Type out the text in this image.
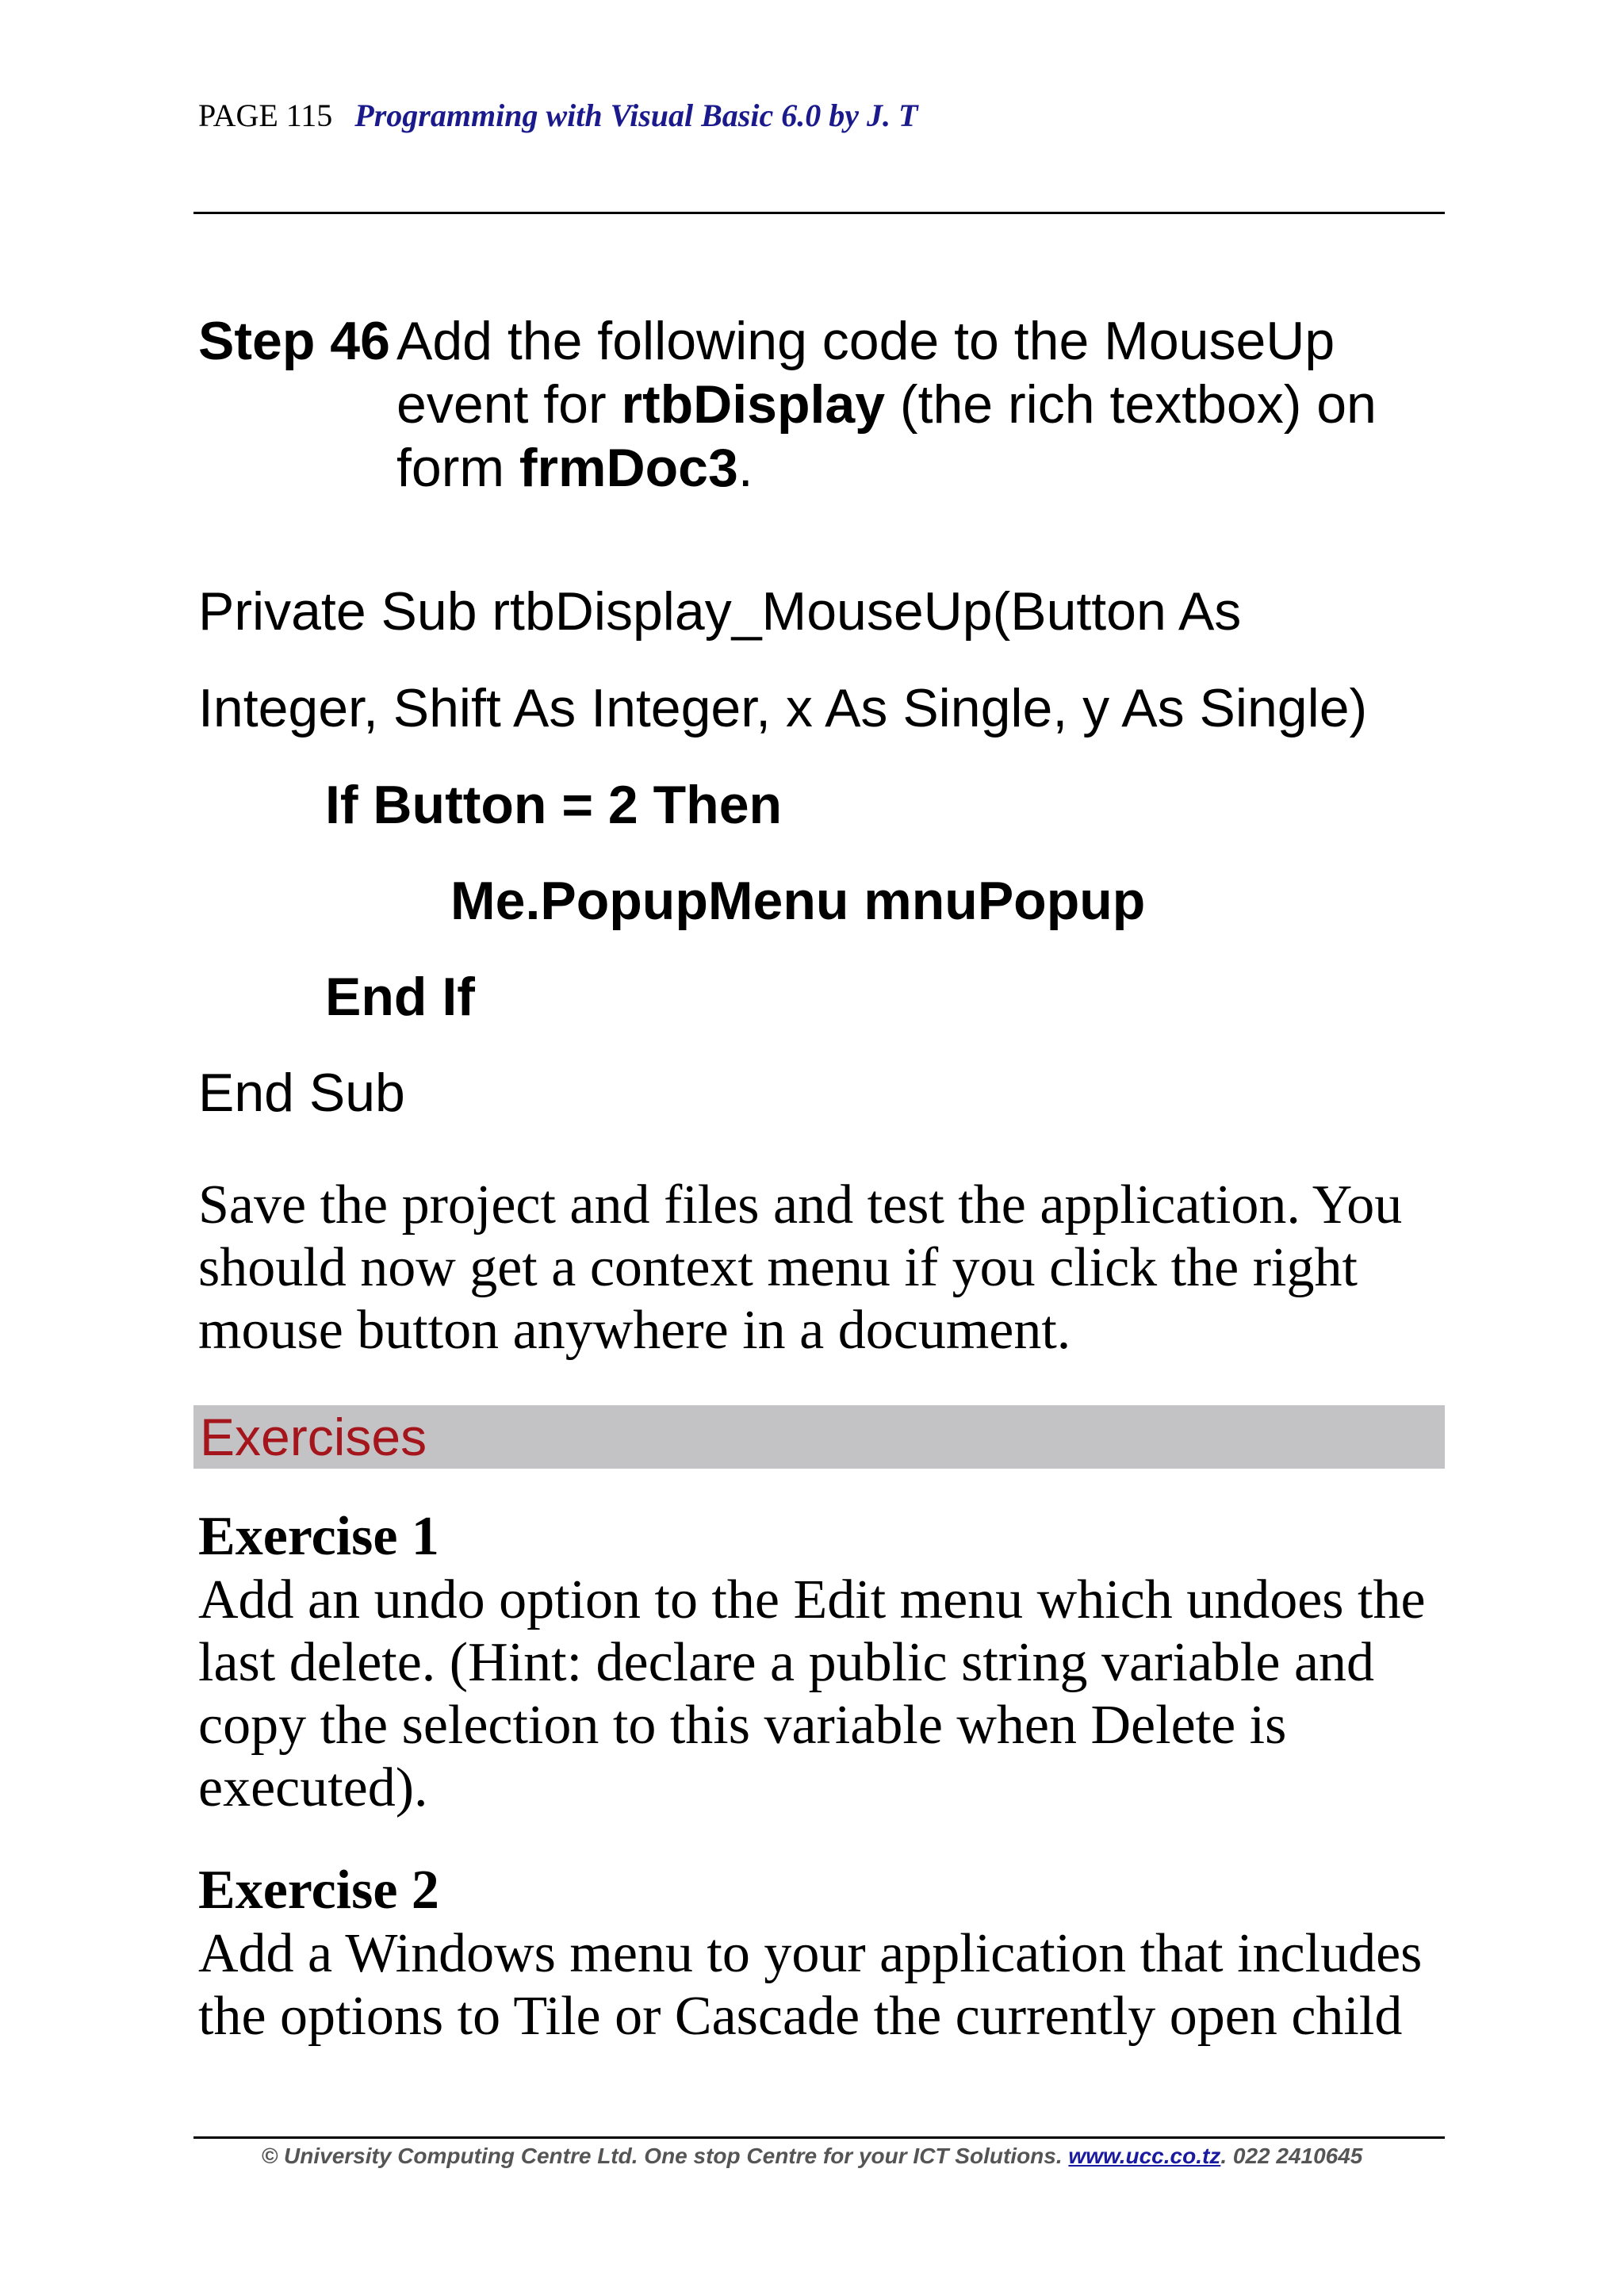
PAGE 115 Programming with Visual Basic 6.0 by J. T
Step 46 Add the following code to the MouseUp
event for rtbDisplay (the rich textbox) on
form frmDoc3.
Private Sub rtbDisplay_MouseUp(Button As
Integer, Shift As Integer, x As Single, y As Single)
If Button = 2 Then
Me.PopupMenu mnuPopup
End If
End Sub
Save the project and files and test the application. You should now get a context menu if you click the right mouse button anywhere in a document.
Exercises
Exercise 1
Add an undo option to the Edit menu which undoes the last delete. (Hint: declare a public string variable and copy the selection to this variable when Delete is executed).
Exercise 2
Add a Windows menu to your application that includes the options to Tile or Cascade the currently open child
© University Computing Centre Ltd. One stop Centre for your ICT Solutions. www.ucc.co.tz. 022 2410645
